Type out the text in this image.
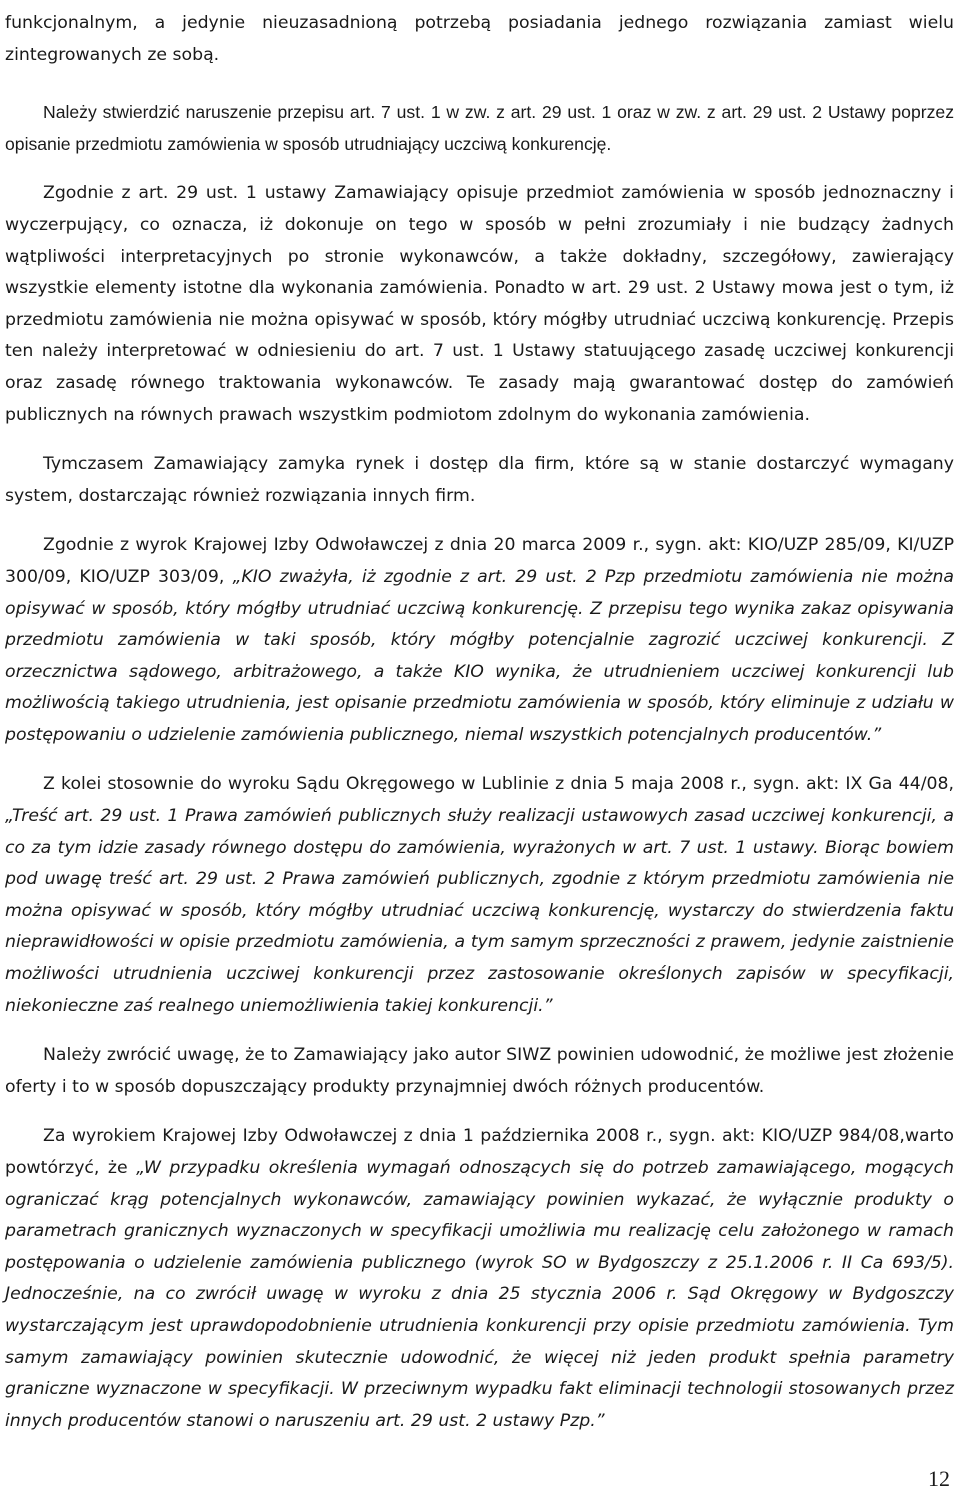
funkcjonalnym, a jedynie nieuzasadnioną potrzebą posiadania jednego rozwiązania zamiast wielu zintegrowanych ze sobą.

Należy stwierdzić naruszenie przepisu art. 7 ust. 1 w zw. z art. 29 ust. 1 oraz w zw. z art. 29 ust. 2 Ustawy poprzez opisanie przedmiotu zamówienia w sposób utrudniający uczciwą konkurencję.

Zgodnie z art. 29 ust. 1 ustawy Zamawiający opisuje przedmiot zamówienia w sposób jednoznaczny i wyczerpujący, co oznacza, iż dokonuje on tego w sposób w pełni zrozumiały i nie budzący żadnych wątpliwości interpretacyjnych po stronie wykonawców, a także dokładny, szczegółowy, zawierający wszystkie elementy istotne dla wykonania zamówienia. Ponadto w art. 29 ust. 2 Ustawy mowa jest o tym, iż przedmiotu zamówienia nie można opisywać w sposób, który mógłby utrudniać uczciwą konkurencję. Przepis ten należy interpretować w odniesieniu do art. 7 ust. 1 Ustawy statuującego zasadę uczciwej konkurencji oraz zasadę równego traktowania wykonawców. Te zasady mają gwarantować dostęp do zamówień publicznych na równych prawach wszystkim podmiotom zdolnym do wykonania zamówienia.

Tymczasem Zamawiający zamyka rynek i dostęp dla firm, które są w stanie dostarczyć wymagany system, dostarczając również rozwiązania innych firm.

Zgodnie z wyrok Krajowej Izby Odwoławczej z dnia 20 marca 2009 r., sygn. akt: KIO/UZP 285/09, KI/UZP 300/09, KIO/UZP 303/09, „KIO zważyła, iż zgodnie z art. 29 ust. 2 Pzp przedmiotu zamówienia nie można opisywać w sposób, który mógłby utrudniać uczciwą konkurencję. Z przepisu tego wynika zakaz opisywania przedmiotu zamówienia w taki sposób, który mógłby potencjalnie zagrozić uczciwej konkurencji. Z orzecznictwa sądowego, arbitrażowego, a także KIO wynika, że utrudnieniem uczciwej konkurencji lub możliwością takiego utrudnienia, jest opisanie przedmiotu zamówienia w sposób, który eliminuje z udziału w postępowaniu o udzielenie zamówienia publicznego, niemal wszystkich potencjalnych producentów.”

Z kolei stosownie do wyroku Sądu Okręgowego w Lublinie z dnia 5 maja 2008 r., sygn. akt: IX Ga 44/08, „Treść art. 29 ust. 1 Prawa zamówień publicznych służy realizacji ustawowych zasad uczciwej konkurencji, a co za tym idzie zasady równego dostępu do zamówienia, wyrażonych w art. 7 ust. 1 ustawy. Biorąc bowiem pod uwagę treść art. 29 ust. 2 Prawa zamówień publicznych, zgodnie z którym przedmiotu zamówienia nie można opisywać w sposób, który mógłby utrudniać uczciwą konkurencję, wystarczy do stwierdzenia faktu nieprawidłowości w opisie przedmiotu zamówienia, a tym samym sprzeczności z prawem, jedynie zaistnienie możliwości utrudnienia uczciwej konkurencji przez zastosowanie określonych zapisów w specyfikacji, niekonieczne zaś realnego uniemożliwienia takiej konkurencji.”

Należy zwrócić uwagę, że to Zamawiający jako autor SIWZ powinien udowodnić, że możliwe jest złożenie oferty i to w sposób dopuszczający produkty przynajmniej dwóch różnych producentów.

Za wyrokiem Krajowej Izby Odwoławczej z dnia 1 października 2008 r., sygn. akt: KIO/UZP 984/08,warto powtórzyć, że „W przypadku określenia wymagań odnoszących się do potrzeb zamawiającego, mogących ograniczać krąg potencjalnych wykonawców, zamawiający powinien wykazać, że wyłącznie produkty o parametrach granicznych wyznaczonych w specyfikacji umożliwia mu realizację celu założonego w ramach postępowania o udzielenie zamówienia publicznego (wyrok SO w Bydgoszczy z 25.1.2006 r. II Ca 693/5). Jednocześnie, na co zwrócił uwagę w wyroku z dnia 25 stycznia 2006 r. Sąd Okręgowy w Bydgoszczy wystarczającym jest uprawdopodobnienie utrudnienia konkurencji przy opisie przedmiotu zamówienia. Tym samym zamawiający powinien skutecznie udowodnić, że więcej niż jeden produkt spełnia parametry graniczne wyznaczone w specyfikacji. W przeciwnym wypadku fakt eliminacji technologii stosowanych przez innych producentów stanowi o naruszeniu art. 29 ust. 2 ustawy Pzp.”

12
